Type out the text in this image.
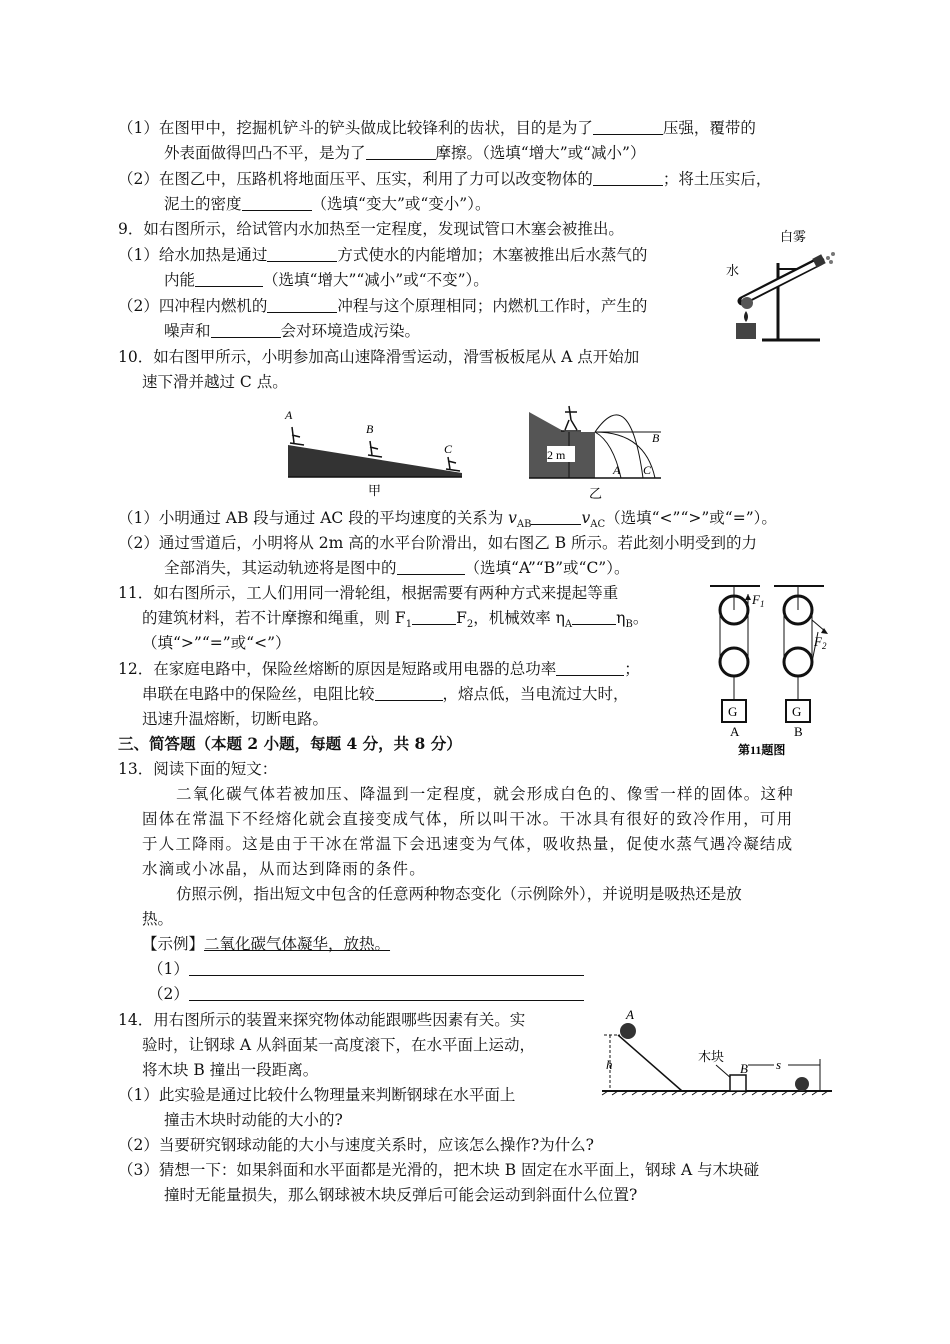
（1）在图甲中，挖掘机铲斗的铲头做成比较锋利的齿状，目的是为了	压强，覆带的
外表面做得凹凸不平，是为了	摩擦。（选填“增大”或“减小”）
（2）在图乙中，压路机将地面压平、压实，利用了力可以改变物体的	；将土压实后，
泥土的密度	（选填“变大”或“变小”）。
9．如右图所示，给试管内水加热至一定程度，发现试管口木塞会被推出。
（1）给水加热是通过	方式使水的内能增加；木塞被推出后水蒸气的
内能	（选填“增大”“减小”或“不变”）。
（2）四冲程内燃机的	冲程与这个原理相同；内燃机工作时，产生的
噪声和	会对环境造成污染。
白雾
水
10．如右图甲所示，小明参加高山速降滑雪运动，滑雪板板尾从 A 点开始加
速下滑并越过 C 点。
A
B
C
甲
2 m
A
B
C
乙
（1）小明通过 AB 段与通过 AC 段的平均速度的关系为 $v_{AB}$	$v_{AC}$（选填“<”“>”或“=”）。
（2）通过雪道后，小明将从 2m 高的水平台阶滑出，如右图乙 B 所示。若此刻小明受到的力
全部消失，其运动轨迹将是图中的	（选填“A”“B”或“C”）。
11．如右图所示，工人们用同一滑轮组，根据需要有两种方式来提起等重
的建筑材料，若不计摩擦和绳重，则 $F_1$	$F_2$，机械效率 $\eta_A$	$\eta_B$。
（填“>”“=”或“<”）
$F_1$
$F_2$
G	G
A	B
第11题图
12．在家庭电路中，保险丝熔断的原因是短路或用电器的总功率	；
串联在电路中的保险丝，电阻比较	，熔点低，当电流过大时，
迅速升温熔断，切断电路。
三、简答题（本题 2 小题，每题 4 分，共 8 分）
13．阅读下面的短文：
二氧化碳气体若被加压、降温到一定程度，就会形成白色的、像雪一样的固体。这种
固体在常温下不经熔化就会直接变成气体，所以叫干冰。干冰具有很好的致冷作用，可用
于人工降雨。这是由于干冰在常温下会迅速变为气体，吸收热量，促使水蒸气遇冷凝结成
水滴或小冰晶，从而达到降雨的条件。
仿照示例，指出短文中包含的任意两种物态变化（示例除外），并说明是吸热还是放
热。
【示例】二氧化碳气体凝华，放热。
（1）
（2）
14．用右图所示的装置来探究物体动能跟哪些因素有关。实
验时，让钢球 A 从斜面某一高度滚下，在水平面上运动，
将木块 B 撞出一段距离。
（1）此实验是通过比较什么物理量来判断钢球在水平面上
撞击木块时动能的大小的?
（2）当要研究钢球动能的大小与速度关系时，应该怎么操作?为什么?
（3）猜想一下：如果斜面和水平面都是光滑的，把木块 B 固定在水平面上，钢球 A 与木块碰
撞时无能量损失，那么钢球被木块反弹后可能会运动到斜面什么位置?
A
h
木块
B s
